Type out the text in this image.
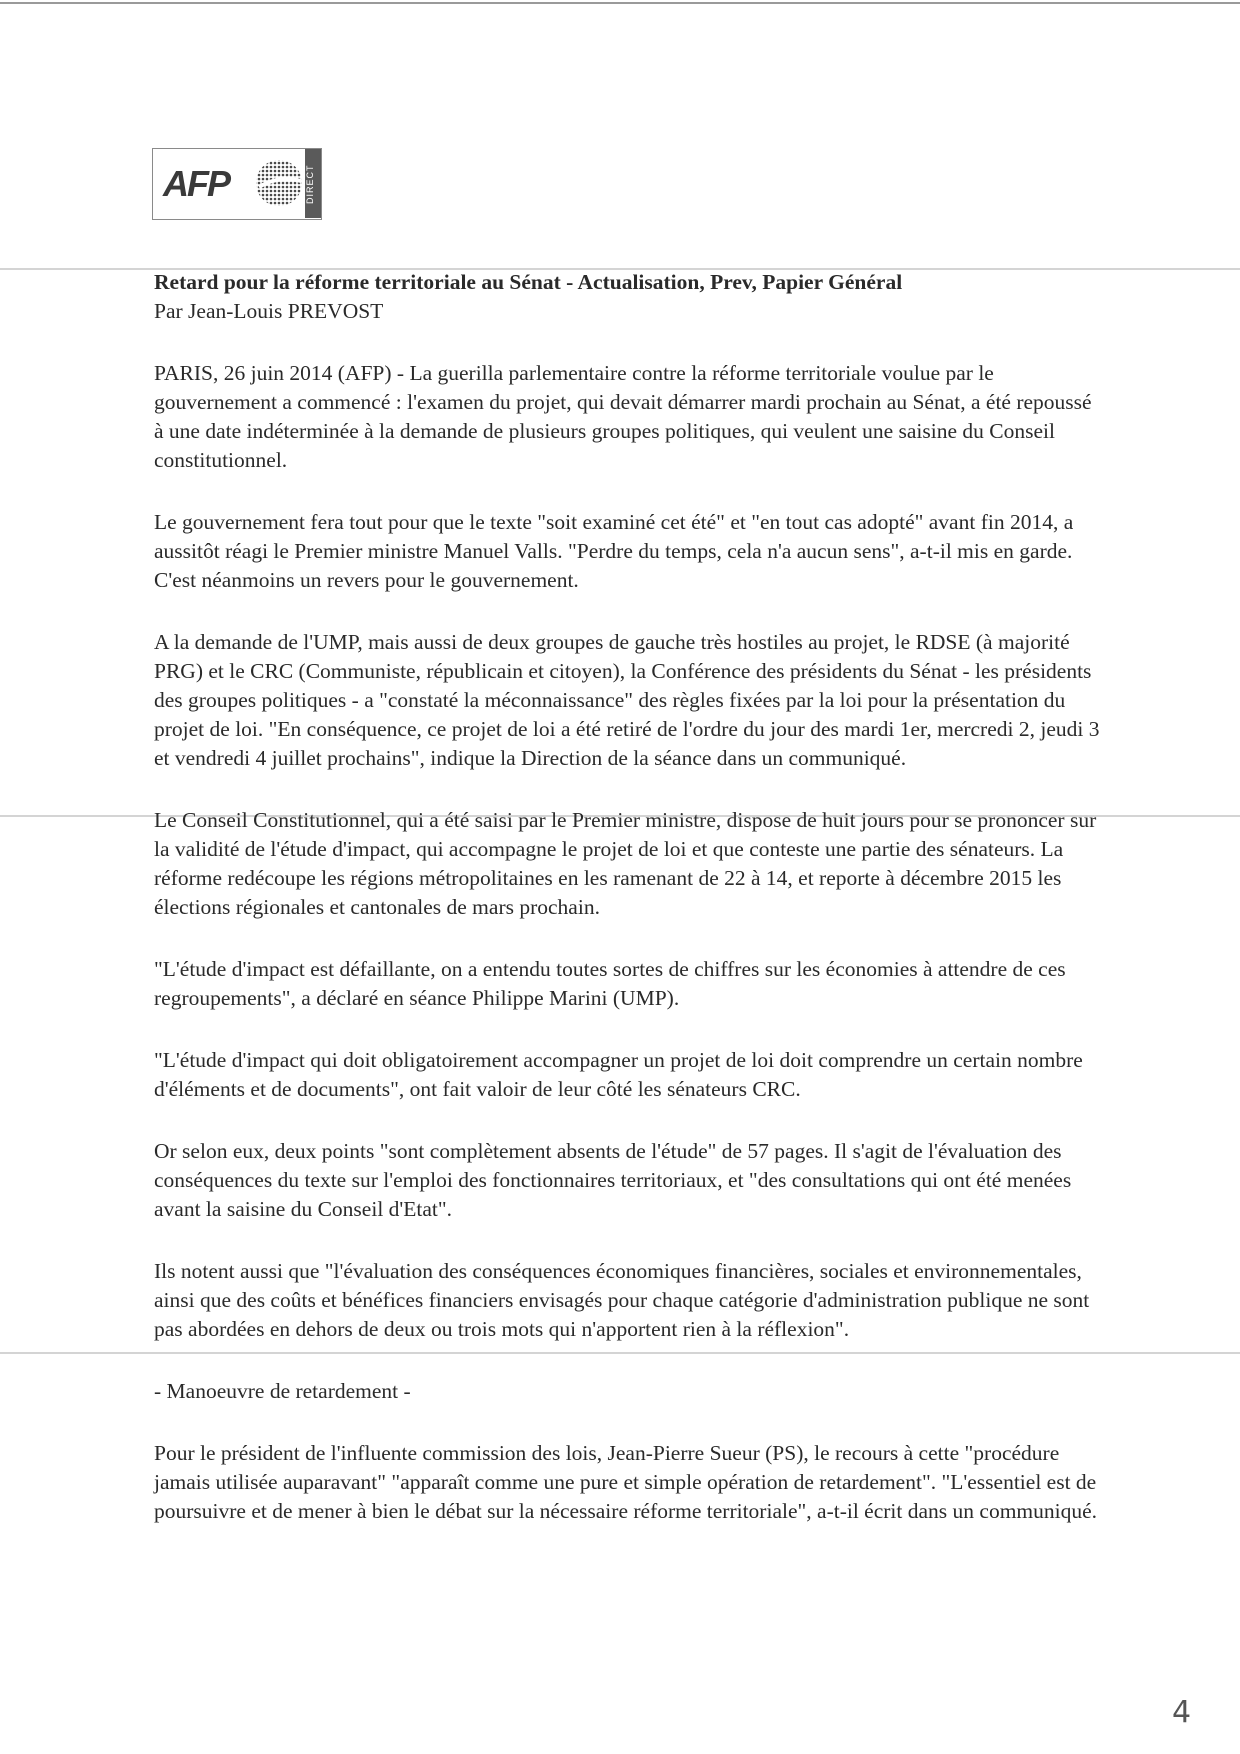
AFP	DIRECT

Retard pour la réforme territoriale au Sénat - Actualisation, Prev, Papier Général

Par Jean-Louis PREVOST

PARIS, 26 juin 2014 (AFP) - La guerilla parlementaire contre la réforme territoriale voulue par le gouvernement a commencé : l'examen du projet, qui devait démarrer mardi prochain au Sénat, a été repoussé à une date indéterminée à la demande de plusieurs groupes politiques, qui veulent une saisine du Conseil constitutionnel.

Le gouvernement fera tout pour que le texte "soit examiné cet été" et "en tout cas adopté" avant fin 2014, a aussitôt réagi le Premier ministre Manuel Valls. "Perdre du temps, cela n'a aucun sens", a-t-il mis en garde. C'est néanmoins un revers pour le gouvernement.

A la demande de l'UMP, mais aussi de deux groupes de gauche très hostiles au projet, le RDSE (à majorité PRG) et le CRC (Communiste, républicain et citoyen), la Conférence des présidents du Sénat - les présidents des groupes politiques - a "constaté la méconnaissance" des règles fixées par la loi pour la présentation du projet de loi. "En conséquence, ce projet de loi a été retiré de l'ordre du jour des mardi 1er, mercredi 2, jeudi 3 et vendredi 4 juillet prochains", indique la Direction de la séance dans un communiqué.

Le Conseil Constitutionnel, qui a été saisi par le Premier ministre, dispose de huit jours pour se prononcer sur la validité de l'étude d'impact, qui accompagne le projet de loi et que conteste une partie des sénateurs. La réforme redécoupe les régions métropolitaines en les ramenant de 22 à 14, et reporte à décembre 2015 les élections régionales et cantonales de mars prochain.

"L'étude d'impact est défaillante, on a entendu toutes sortes de chiffres sur les économies à attendre de ces regroupements", a déclaré en séance Philippe Marini (UMP).

"L'étude d'impact qui doit obligatoirement accompagner un projet de loi doit comprendre un certain nombre d'éléments et de documents", ont fait valoir de leur côté les sénateurs CRC.

Or selon eux, deux points "sont complètement absents de l'étude" de 57 pages. Il s'agit de l'évaluation des conséquences du texte sur l'emploi des fonctionnaires territoriaux, et "des consultations qui ont été menées avant la saisine du Conseil d'Etat".

Ils notent aussi que "l'évaluation des conséquences économiques financières, sociales et environnementales, ainsi que des coûts et bénéfices financiers envisagés pour chaque catégorie d'administration publique ne sont pas abordées en dehors de deux ou trois mots qui n'apportent rien à la réflexion".

- Manoeuvre de retardement -

Pour le président de l'influente commission des lois, Jean-Pierre Sueur (PS), le recours à cette "procédure jamais utilisée auparavant" "apparaît comme une pure et simple opération de retardement". "L'essentiel est de poursuivre et de mener à bien le débat sur la nécessaire réforme territoriale", a-t-il écrit dans un communiqué.

4
